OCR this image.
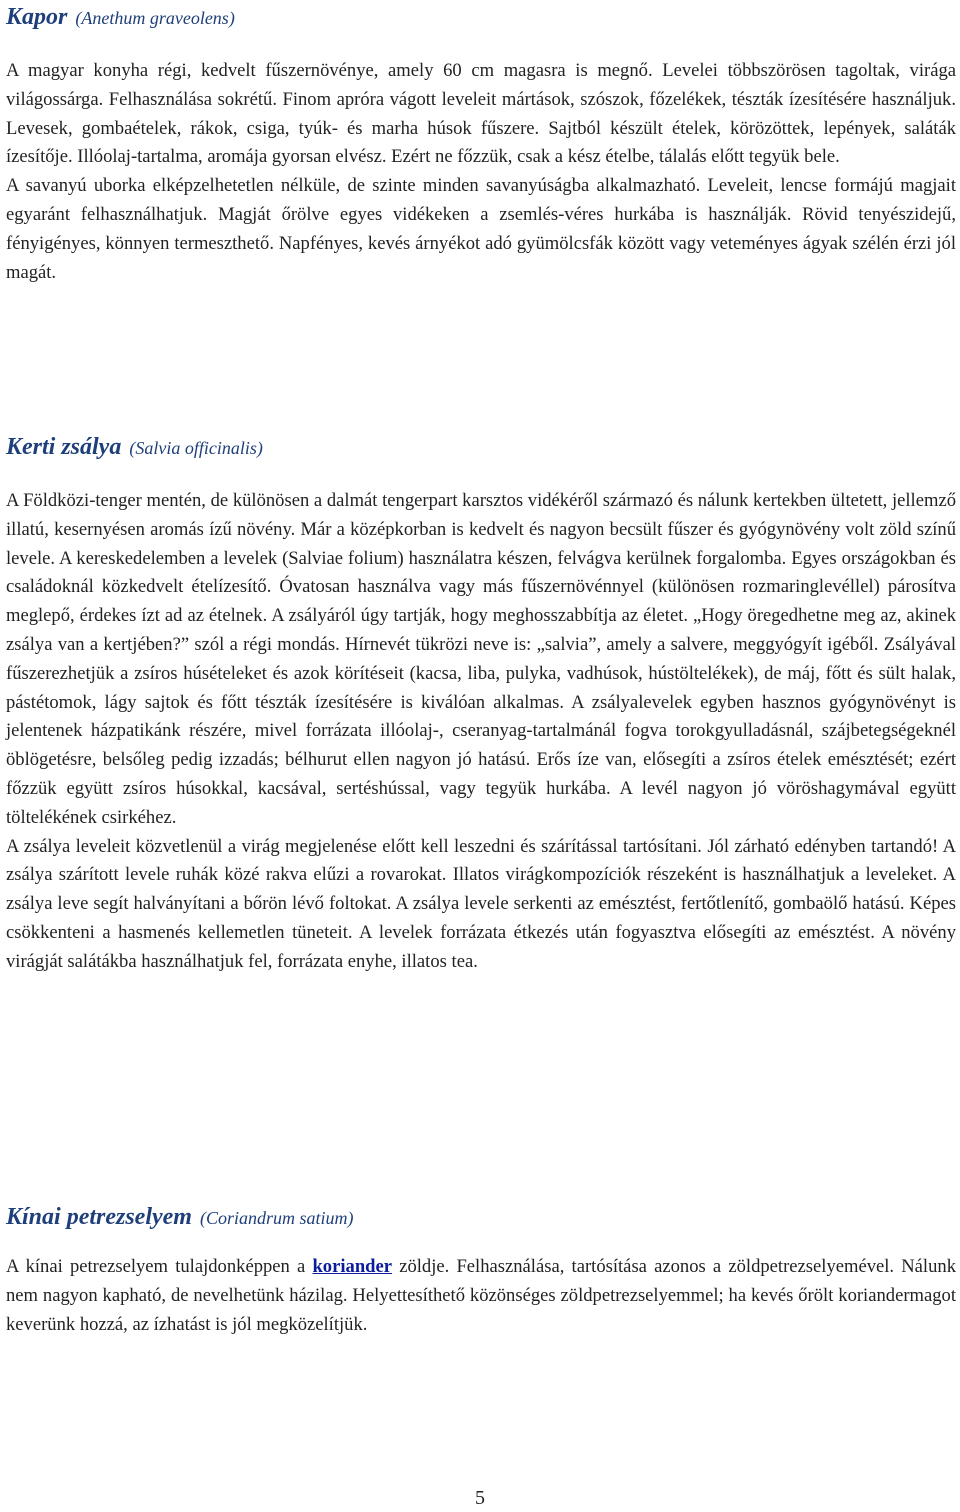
Kapor (Anethum graveolens)

A magyar konyha régi, kedvelt fűszernövénye, amely 60 cm magasra is megnő. Levelei többszörösen tagoltak, virága világossárga. Felhasználása sokrétű. Finom apróra vágott leveleit mártások, szószok, főzelékek, tészták ízesítésére használjuk. Levesek, gombaételek, rákok, csiga, tyúk- és marha húsok fűszere. Sajtból készült ételek, körözöttek, lepények, saláták ízesítője. Illóolaj-tartalma, aromája gyorsan elvész. Ezért ne főzzük, csak a kész ételbe, tálalás előtt tegyük bele.

A savanyú uborka elképzelhetetlen nélküle, de szinte minden savanyúságba alkalmazható. Leveleit, lencse formájú magjait egyaránt felhasználhatjuk. Magját őrölve egyes vidékeken a zsemlés-véres hurkába is használják. Rövid tenyészidejű, fényigényes, könnyen termeszthető. Napfényes, kevés árnyékot adó gyümölcsfák között vagy veteményes ágyak szélén érzi jól magát.

Kerti zsálya (Salvia officinalis)

A Földközi-tenger mentén, de különösen a dalmát tengerpart karsztos vidékéről származó és nálunk kertekben ültetett, jellemző illatú, kesernyésen aromás ízű növény. Már a középkorban is kedvelt és nagyon becsült fűszer és gyógynövény volt zöld színű levele. A kereskedelemben a levelek (Salviae folium) használatra készen, felvágva kerülnek forgalomba. Egyes országokban és családoknál közkedvelt ételízesítő. Óvatosan használva vagy más fűszernövénnyel (különösen rozmaringlevéllel) párosítva meglepő, érdekes ízt ad az ételnek. A zsályáról úgy tartják, hogy meghosszabbítja az életet. „Hogy öregedhetne meg az, akinek zsálya van a kertjében?” szól a régi mondás. Hírnevét tükrözi neve is: „salvia”, amely a salvere, meggyógyít igéből. Zsályával fűszerezhetjük a zsíros húsételeket és azok körítéseit (kacsa, liba, pulyka, vadhúsok, hústöltelékek), de máj, főtt és sült halak, pástétomok, lágy sajtok és főtt tészták ízesítésére is kiválóan alkalmas. A zsályalevelek egyben hasznos gyógynövényt is jelentenek házpatikánk részére, mivel forrázata illóolaj-, cseranyag-tartalmánál fogva torokgyulladásnál, szájbetegségeknél öblögetésre, belsőleg pedig izzadás; bélhurut ellen nagyon jó hatású. Erős íze van, elősegíti a zsíros ételek emésztését; ezért főzzük együtt zsíros húsokkal, kacsával, sertéshússal, vagy tegyük hurkába. A levél nagyon jó vöröshagymával együtt töltelékének csirkéhez.

A zsálya leveleit közvetlenül a virág megjelenése előtt kell leszedni és szárítással tartósítani. Jól zárható edényben tartandó! A zsálya szárított levele ruhák közé rakva elűzi a rovarokat. Illatos virágkompozíciók részeként is használhatjuk a leveleket. A zsálya leve segít halványítani a bőrön lévő foltokat. A zsálya levele serkenti az emésztést, fertőtlenítő, gombaölő hatású. Képes csökkenteni a hasmenés kellemetlen tüneteit. A levelek forrázata étkezés után fogyasztva elősegíti az emésztést. A növény virágját salátákba használhatjuk fel, forrázata enyhe, illatos tea.

Kínai petrezselyem (Coriandrum satium)

A kínai petrezselyem tulajdonképpen a koriander zöldje. Felhasználása, tartósítása azonos a zöldpetrezselyemével. Nálunk nem nagyon kapható, de nevelhetünk házilag. Helyettesíthető közönséges zöldpetrezselyemmel; ha kevés őrölt koriandermagot keverünk hozzá, az ízhatást is jól megközelítjük.

5
